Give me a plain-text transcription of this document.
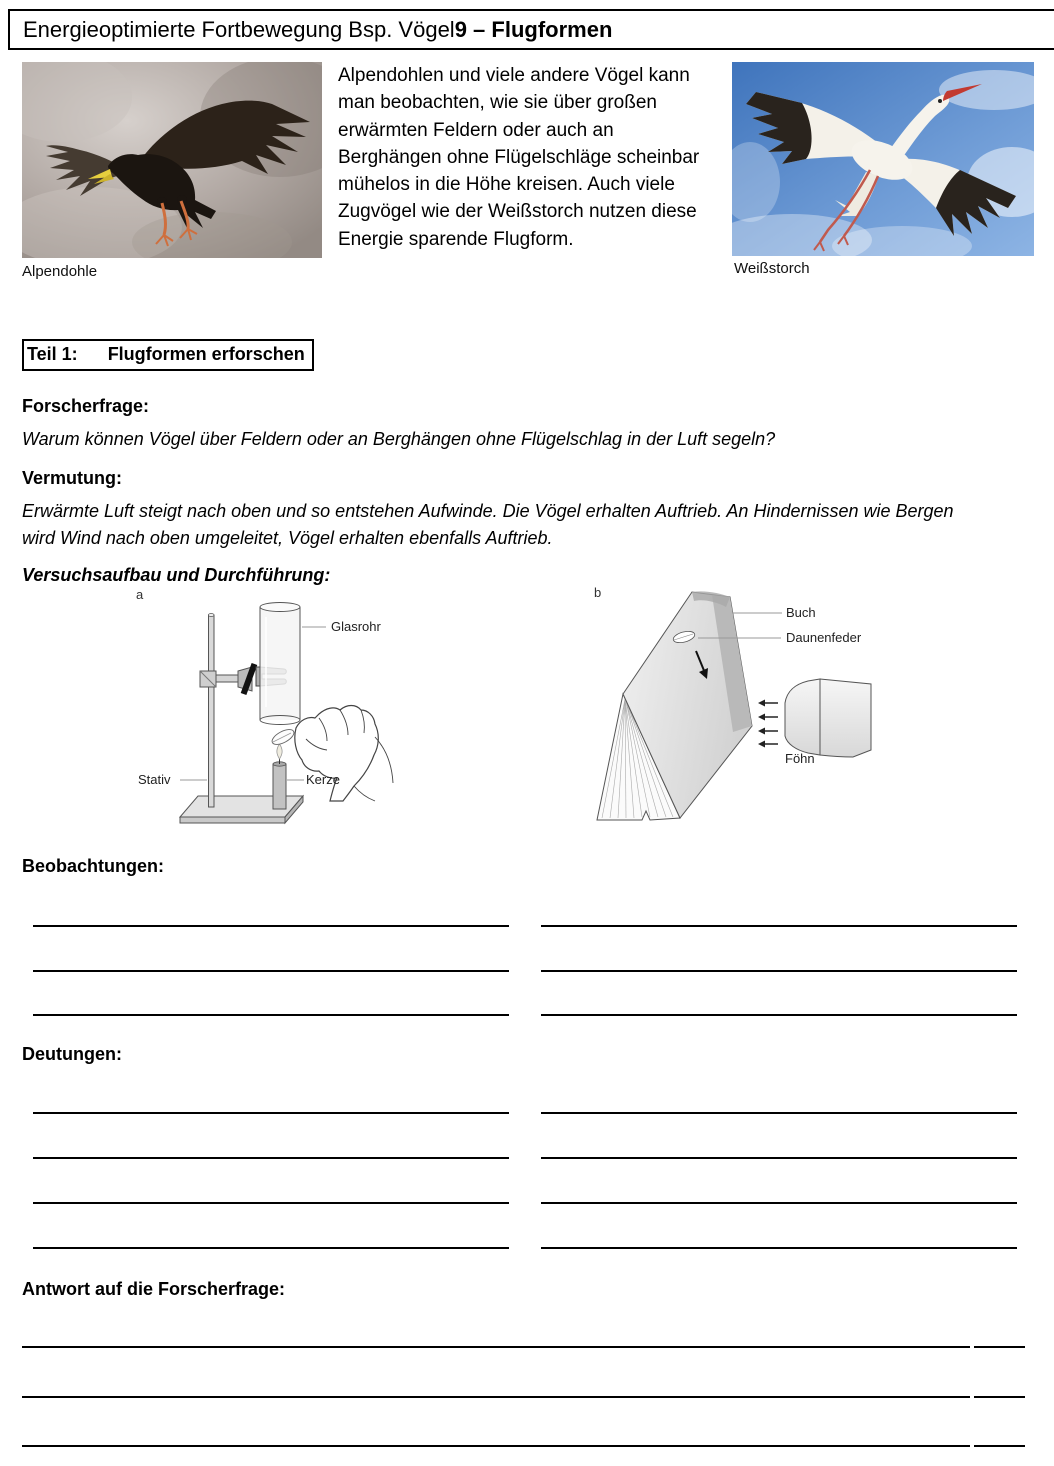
Energieoptimierte Fortbewegung Bsp. Vögel 9 – Flugformen
Alpendohle	Weißstorch
Alpendohlen und viele andere Vögel kann
man beobachten, wie sie über großen
erwärmten Feldern oder auch an
Berghängen ohne Flügelschläge scheinbar
mühelos in die Höhe kreisen. Auch viele
Zugvögel wie der Weißstorch nutzen diese
Energie sparende Flugform.
Teil 1: Flugformen erforschen
Forscherfrage:
Warum können Vögel über Feldern oder an Berghängen ohne Flügelschlag in der Luft segeln?
Vermutung:
Erwärmte Luft steigt nach oben und so entstehen Aufwinde. Die Vögel erhalten Auftrieb. An Hindernissen wie Bergen
wird Wind nach oben umgeleitet, Vögel erhalten ebenfalls Auftrieb.
Versuchsaufbau und Durchführung:
a
Glasrohr
Stativ	Kerze
b
Buch
Daunenfeder
Föhn
Beobachtungen:
Deutungen:
Antwort auf die Forscherfrage:
